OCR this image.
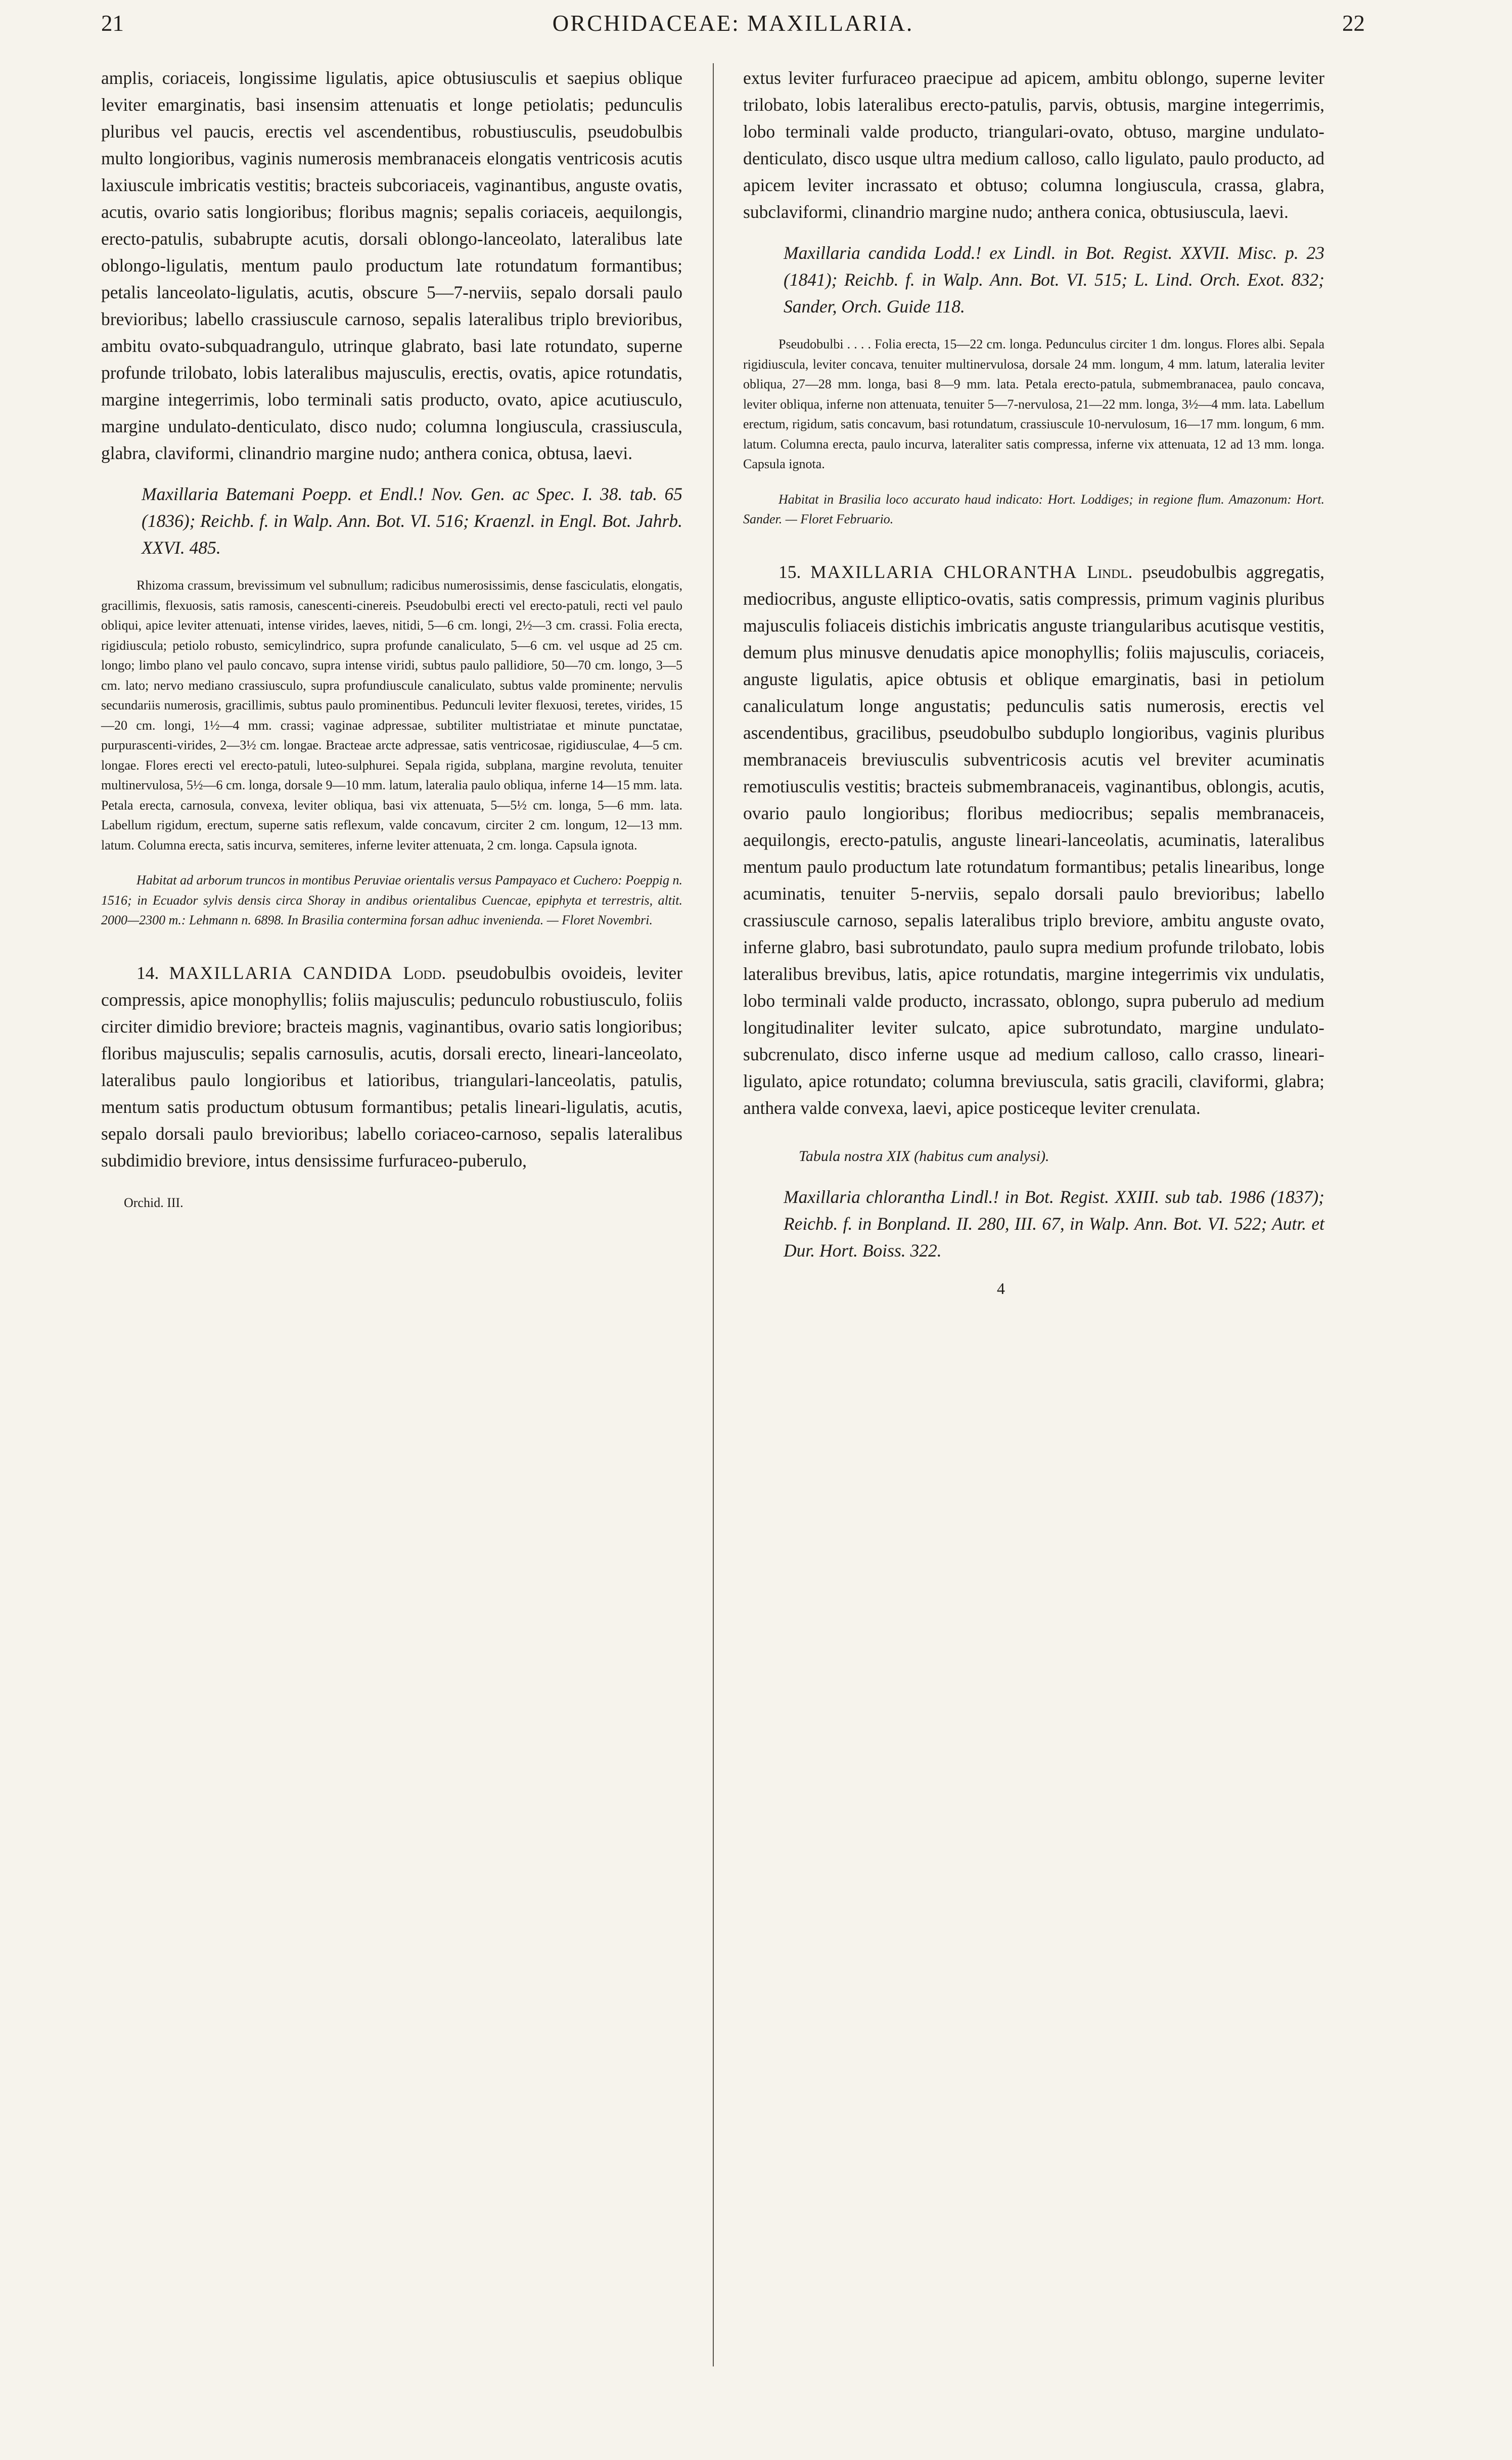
21	ORCHIDACEAE: MAXILLARIA.	22

amplis, coriaceis, longissime ligulatis, apice obtusiusculis et saepius oblique leviter emarginatis, basi insensim attenuatis et longe petiolatis; pedunculis pluribus vel paucis, erectis vel ascendentibus, robustiusculis, pseudobulbis multo longioribus, vaginis numerosis membranaceis elongatis ventricosis acutis laxiuscule imbricatis vestitis; bracteis subcoriaceis, vaginantibus, anguste ovatis, acutis, ovario satis longioribus; floribus magnis; sepalis coriaceis, aequilongis, erecto-patulis, subabrupte acutis, dorsali oblongo-lanceolato, lateralibus late oblongo-ligulatis, mentum paulo productum late rotundatum formantibus; petalis lanceolato-ligulatis, acutis, obscure 5—7-nerviis, sepalo dorsali paulo brevioribus; labello crassiuscule carnoso, sepalis lateralibus triplo brevioribus, ambitu ovato-subquadrangulo, utrinque glabrato, basi late rotundato, superne profunde trilobato, lobis lateralibus majusculis, erectis, ovatis, apice rotundatis, margine integerrimis, lobo terminali satis producto, ovato, apice acutiusculo, margine undulato-denticulato, disco nudo; columna longiuscula, crassiuscula, glabra, claviformi, clinandrio margine nudo; anthera conica, obtusa, laevi.

Maxillaria Batemani Poepp. et Endl.! Nov. Gen. ac Spec. I. 38. tab. 65 (1836); Reichb. f. in Walp. Ann. Bot. VI. 516; Kraenzl. in Engl. Bot. Jahrb. XXVI. 485.

Rhizoma crassum, brevissimum vel subnullum; radicibus numerosissimis, dense fasciculatis, elongatis, gracillimis, flexuosis, satis ramosis, canescenti-cinereis. Pseudobulbi erecti vel erecto-patuli, recti vel paulo obliqui, apice leviter attenuati, intense virides, laeves, nitidi, 5—6 cm. longi, 2½—3 cm. crassi. Folia erecta, rigidiuscula; petiolo robusto, semicylindrico, supra profunde canaliculato, 5—6 cm. vel usque ad 25 cm. longo; limbo plano vel paulo concavo, supra intense viridi, subtus paulo pallidiore, 50—70 cm. longo, 3—5 cm. lato; nervo mediano crassiusculo, supra profundiuscule canaliculato, subtus valde prominente; nervulis secundariis numerosis, gracillimis, subtus paulo prominentibus. Pedunculi leviter flexuosi, teretes, virides, 15—20 cm. longi, 1½—4 mm. crassi; vaginae adpressae, subtiliter multistriatae et minute punctatae, purpurascenti-virides, 2—3½ cm. longae. Bracteae arcte adpressae, satis ventricosae, rigidiusculae, 4—5 cm. longae. Flores erecti vel erecto-patuli, luteo-sulphurei. Sepala rigida, subplana, margine revoluta, tenuiter multinervulosa, 5½—6 cm. longa, dorsale 9—10 mm. latum, lateralia paulo obliqua, inferne 14—15 mm. lata. Petala erecta, carnosula, convexa, leviter obliqua, basi vix attenuata, 5—5½ cm. longa, 5—6 mm. lata. Labellum rigidum, erectum, superne satis reflexum, valde concavum, circiter 2 cm. longum, 12—13 mm. latum. Columna erecta, satis incurva, semiteres, inferne leviter attenuata, 2 cm. longa. Capsula ignota.

Habitat ad arborum truncos in montibus Peruviae orientalis versus Pampayaco et Cuchero: Poeppig n. 1516; in Ecuador sylvis densis circa Shoray in andibus orientalibus Cuencae, epiphyta et terrestris, altit. 2000—2300 m.: Lehmann n. 6898. In Brasilia contermina forsan adhuc invenienda. — Floret Novembri.

14. MAXILLARIA CANDIDA Lodd. pseudobulbis ovoideis, leviter compressis, apice monophyllis; foliis majusculis; pedunculo robustiusculo, foliis circiter dimidio breviore; bracteis magnis, vaginantibus, ovario satis longioribus; floribus majusculis; sepalis carnosulis, acutis, dorsali erecto, lineari-lanceolato, lateralibus paulo longioribus et latioribus, triangulari-lanceolatis, patulis, mentum satis productum obtusum formantibus; petalis lineari-ligulatis, acutis, sepalo dorsali paulo brevioribus; labello coriaceo-carnoso, sepalis lateralibus subdimidio breviore, intus densissime furfuraceo-puberulo,

Orchid. III.

extus leviter furfuraceo praecipue ad apicem, ambitu oblongo, superne leviter trilobato, lobis lateralibus erecto-patulis, parvis, obtusis, margine integerrimis, lobo terminali valde producto, triangulari-ovato, obtuso, margine undulato-denticulato, disco usque ultra medium calloso, callo ligulato, paulo producto, ad apicem leviter incrassato et obtuso; columna longiuscula, crassa, glabra, subclaviformi, clinandrio margine nudo; anthera conica, obtusiuscula, laevi.

Maxillaria candida Lodd.! ex Lindl. in Bot. Regist. XXVII. Misc. p. 23 (1841); Reichb. f. in Walp. Ann. Bot. VI. 515; L. Lind. Orch. Exot. 832; Sander, Orch. Guide 118.

Pseudobulbi . . . . Folia erecta, 15—22 cm. longa. Pedunculus circiter 1 dm. longus. Flores albi. Sepala rigidiuscula, leviter concava, tenuiter multinervulosa, dorsale 24 mm. longum, 4 mm. latum, lateralia leviter obliqua, 27—28 mm. longa, basi 8—9 mm. lata. Petala erecto-patula, submembranacea, paulo concava, leviter obliqua, inferne non attenuata, tenuiter 5—7-nervulosa, 21—22 mm. longa, 3½—4 mm. lata. Labellum erectum, rigidum, satis concavum, basi rotundatum, crassiuscule 10-nervulosum, 16—17 mm. longum, 6 mm. latum. Columna erecta, paulo incurva, lateraliter satis compressa, inferne vix attenuata, 12 ad 13 mm. longa. Capsula ignota.

Habitat in Brasilia loco accurato haud indicato: Hort. Loddiges; in regione flum. Amazonum: Hort. Sander. — Floret Februario.

15. MAXILLARIA CHLORANTHA Lindl. pseudobulbis aggregatis, mediocribus, anguste elliptico-ovatis, satis compressis, primum vaginis pluribus majusculis foliaceis distichis imbricatis anguste triangularibus acutisque vestitis, demum plus minusve denudatis apice monophyllis; foliis majusculis, coriaceis, anguste ligulatis, apice obtusis et oblique emarginatis, basi in petiolum canaliculatum longe angustatis; pedunculis satis numerosis, erectis vel ascendentibus, gracilibus, pseudobulbo subduplo longioribus, vaginis pluribus membranaceis breviusculis subventricosis acutis vel breviter acuminatis remotiusculis vestitis; bracteis submembranaceis, vaginantibus, oblongis, acutis, ovario paulo longioribus; floribus mediocribus; sepalis membranaceis, aequilongis, erecto-patulis, anguste lineari-lanceolatis, acuminatis, lateralibus mentum paulo productum late rotundatum formantibus; petalis linearibus, longe acuminatis, tenuiter 5-nerviis, sepalo dorsali paulo brevioribus; labello crassiuscule carnoso, sepalis lateralibus triplo breviore, ambitu anguste ovato, inferne glabro, basi subrotundato, paulo supra medium profunde trilobato, lobis lateralibus brevibus, latis, apice rotundatis, margine integerrimis vix undulatis, lobo terminali valde producto, incrassato, oblongo, supra puberulo ad medium longitudinaliter leviter sulcato, apice subrotundato, margine undulato-subcrenulato, disco inferne usque ad medium calloso, callo crasso, lineari-ligulato, apice rotundato; columna breviuscula, satis gracili, claviformi, glabra; anthera valde convexa, laevi, apice posticeque leviter crenulata.

Tabula nostra XIX (habitus cum analysi).

Maxillaria chlorantha Lindl.! in Bot. Regist. XXIII. sub tab. 1986 (1837); Reichb. f. in Bonpland. II. 280, III. 67, in Walp. Ann. Bot. VI. 522; Autr. et Dur. Hort. Boiss. 322.

4
